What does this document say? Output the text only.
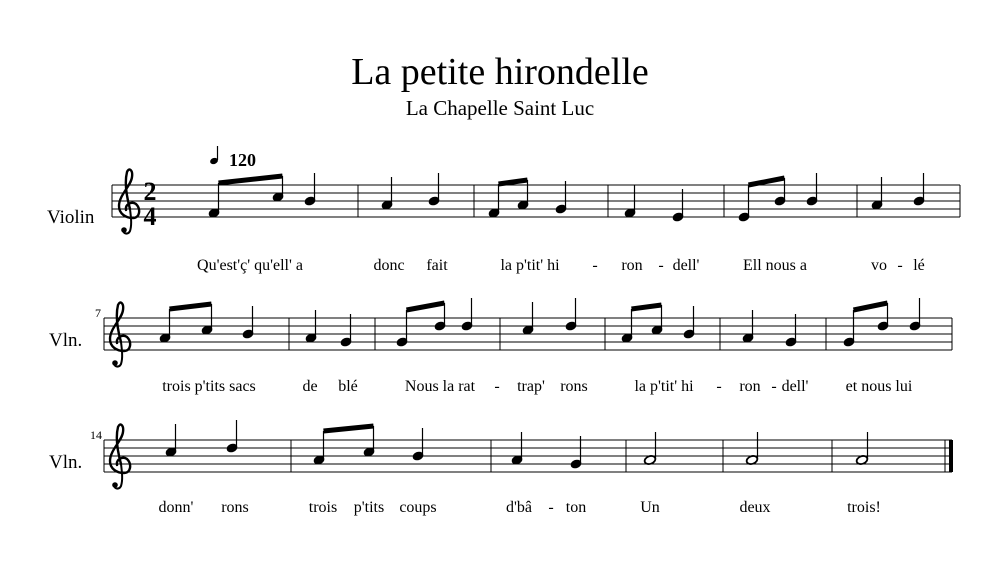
La petite hirondelle
La Chapelle Saint Luc
Violin
2
4
120
Qu'est'ç' qu'ell' a	donc fait	la p'tit' hi - ron - dell'	Ell nous a	vo - lé
Vln.
7
trois p'tits sacs	de blé	Nous la rat - trap' rons	la p'tit' hi - ron - dell' et nous lui
Vln.
14
donn' rons	trois p'tits coups	d'bâ - ton	Un	deux	trois!
